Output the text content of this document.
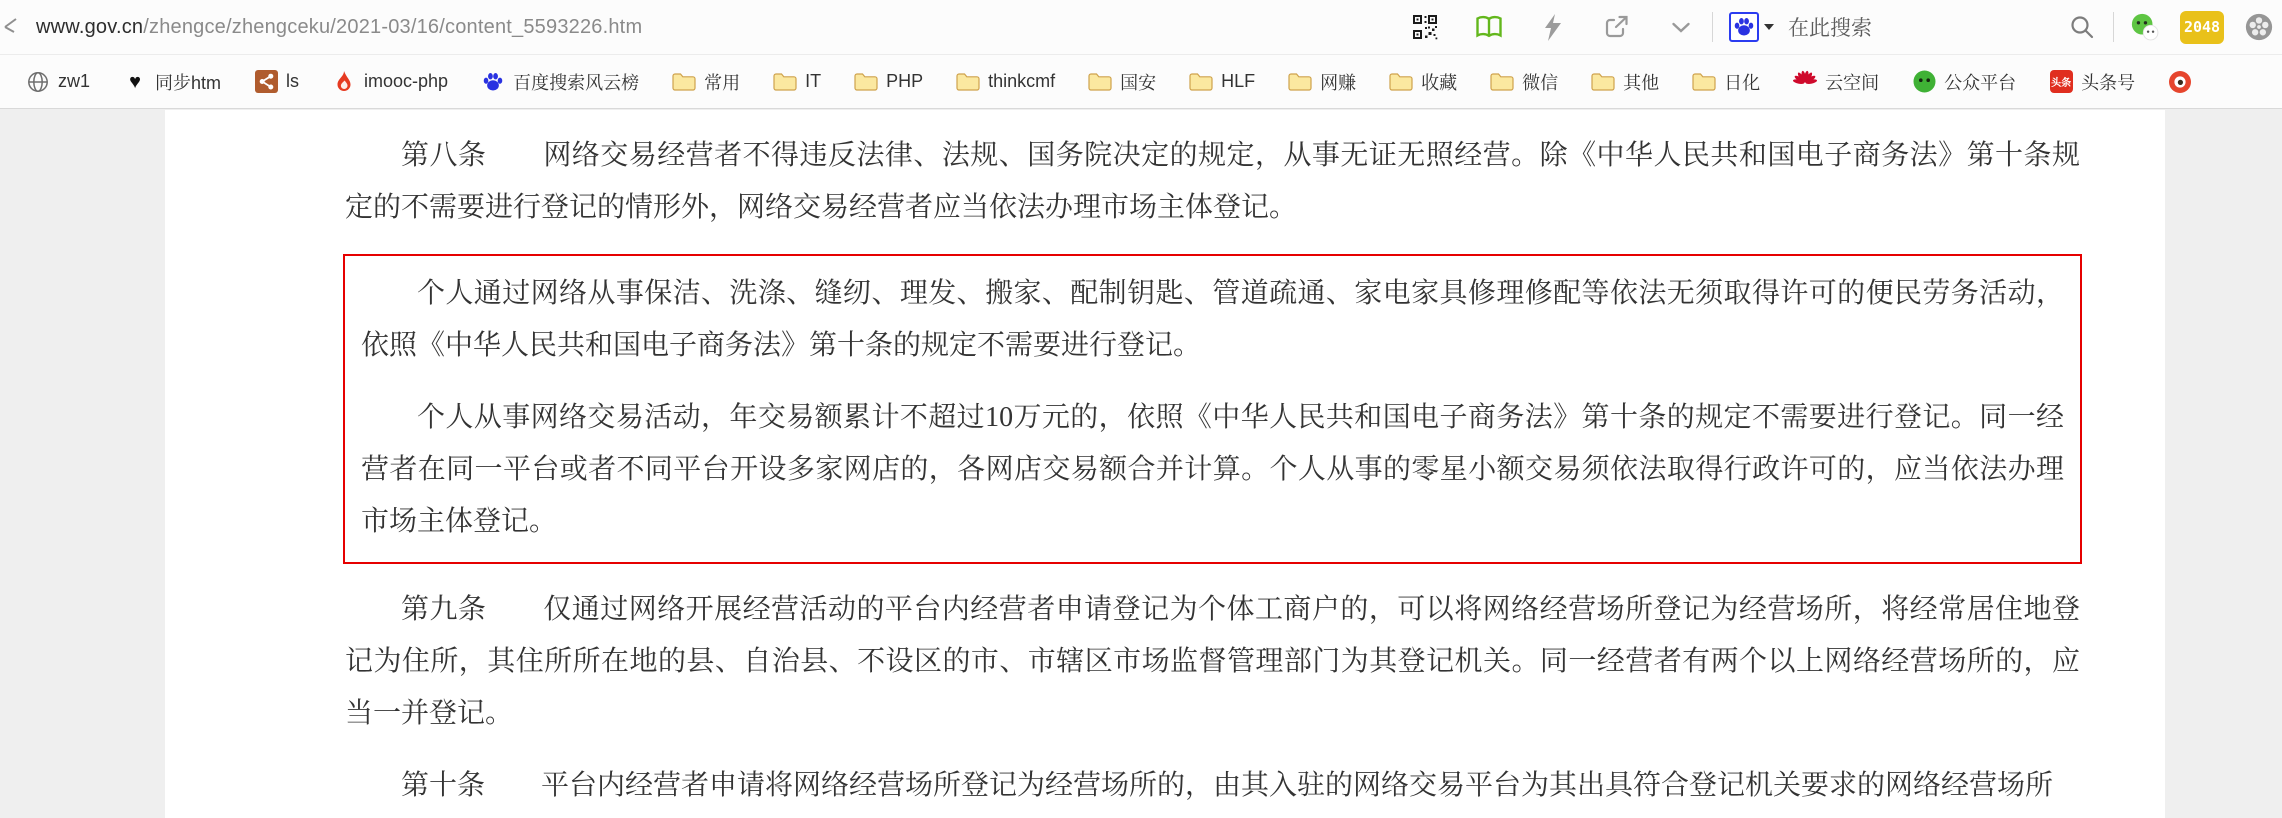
www.gov.cn/zhengce/zhengceku/2021-03/16/content_5593226.htm	在此搜索	2048
zw1	♥ 同步htm	ls	imooc-php	百度搜索风云榜	常用	IT	PHP	thinkcmf	国安	HLF	网赚	收藏	微信	其他	日化	云空间	公众平台	头条 头条号

第八条　　网络交易经营者不得违反法律、法规、国务院决定的规定，从事无证无照经营。除《中华人民共和国电子商务法》第十条规定的不需要进行登记的情形外，网络交易经营者应当依法办理市场主体登记。

个人通过网络从事保洁、洗涤、缝纫、理发、搬家、配制钥匙、管道疏通、家电家具修理修配等依法无须取得许可的便民劳务活动，依照《中华人民共和国电子商务法》第十条的规定不需要进行登记。

个人从事网络交易活动，年交易额累计不超过10万元的，依照《中华人民共和国电子商务法》第十条的规定不需要进行登记。同一经营者在同一平台或者不同平台开设多家网店的，各网店交易额合并计算。个人从事的零星小额交易须依法取得行政许可的，应当依法办理市场主体登记。

第九条　　仅通过网络开展经营活动的平台内经营者申请登记为个体工商户的，可以将网络经营场所登记为经营场所，将经常居住地登记为住所，其住所所在地的县、自治县、不设区的市、市辖区市场监督管理部门为其登记机关。同一经营者有两个以上网络经营场所的，应当一并登记。

第十条　　平台内经营者申请将网络经营场所登记为经营场所的，由其入驻的网络交易平台为其出具符合登记机关要求的网络经营场所
